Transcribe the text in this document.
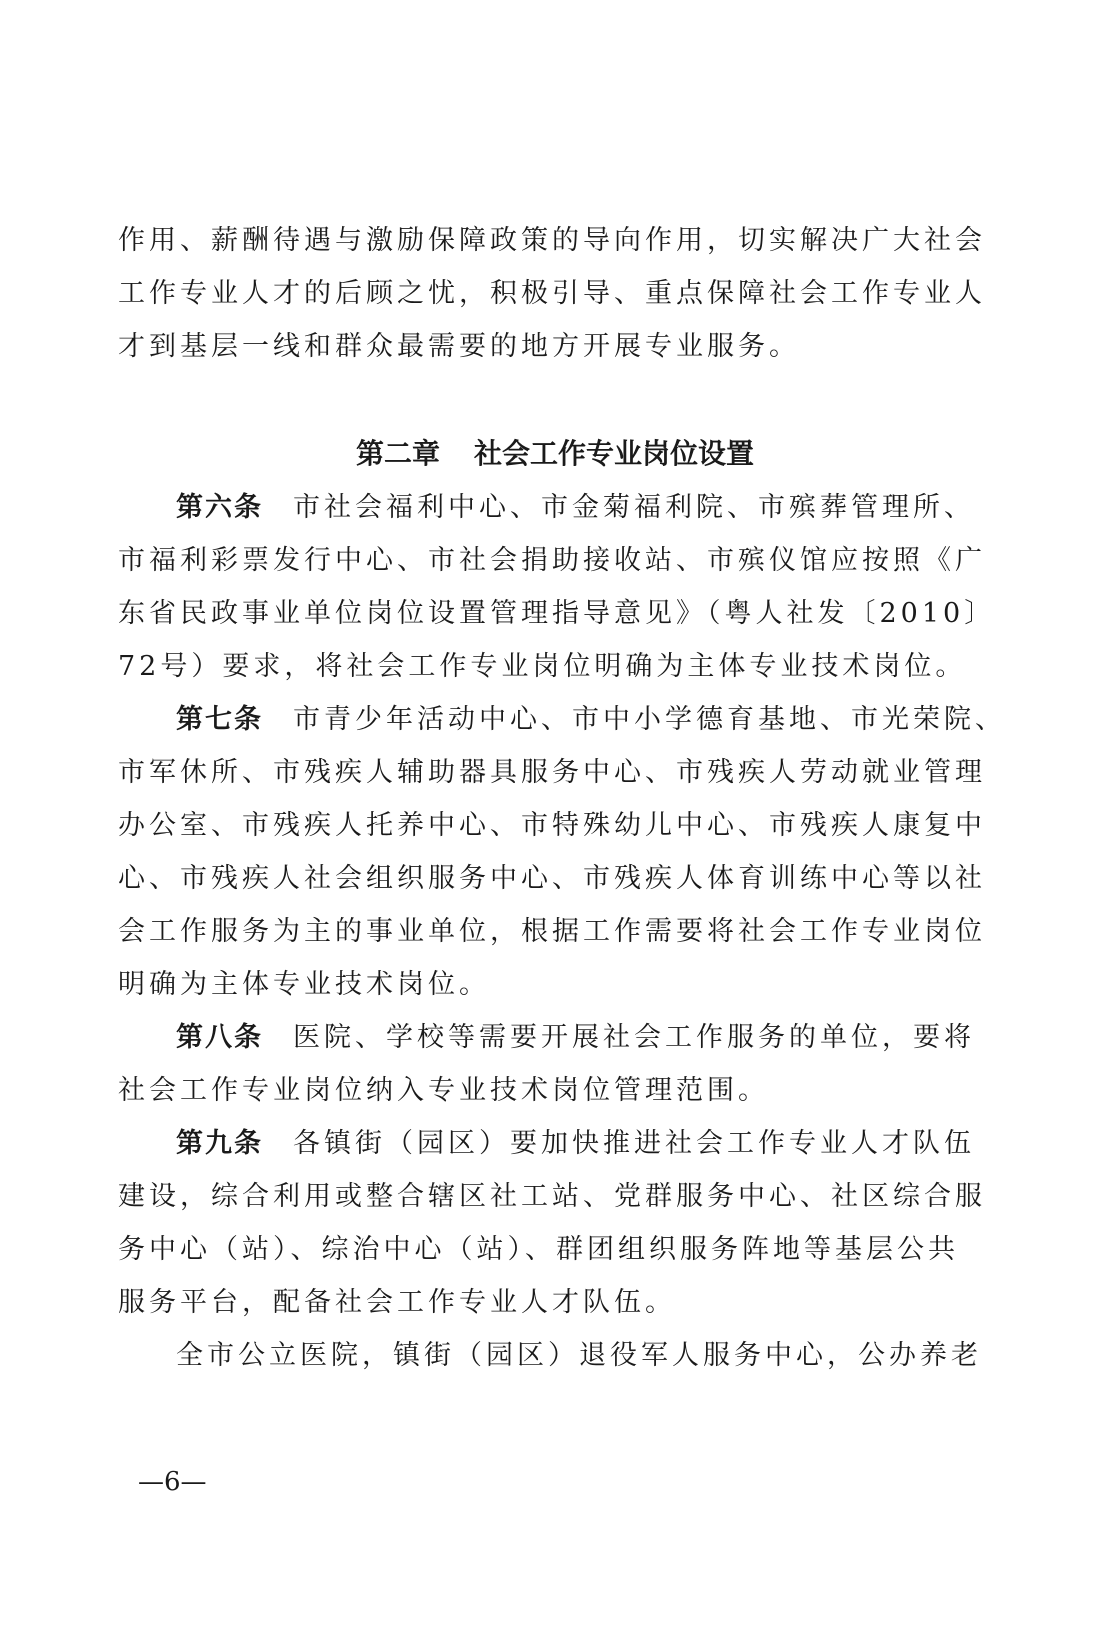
作用、薪酬待遇与激励保障政策的导向作用，切实解决广大社会
工作专业人才的后顾之忧，积极引导、重点保障社会工作专业人
才到基层一线和群众最需要的地方开展专业服务。
第二章 社会工作专业岗位设置
第六条 市社会福利中心、市金菊福利院、市殡葬管理所、
市福利彩票发行中心、市社会捐助接收站、市殡仪馆应按照《广
东省民政事业单位岗位设置管理指导意见》（粤人社发〔2010〕
72号）要求，将社会工作专业岗位明确为主体专业技术岗位。
第七条 市青少年活动中心、市中小学德育基地、市光荣院、
市军休所、市残疾人辅助器具服务中心、市残疾人劳动就业管理
办公室、市残疾人托养中心、市特殊幼儿中心、市残疾人康复中
心、市残疾人社会组织服务中心、市残疾人体育训练中心等以社
会工作服务为主的事业单位，根据工作需要将社会工作专业岗位
明确为主体专业技术岗位。
第八条 医院、学校等需要开展社会工作服务的单位，要将
社会工作专业岗位纳入专业技术岗位管理范围。
第九条 各镇街（园区）要加快推进社会工作专业人才队伍
建设，综合利用或整合辖区社工站、党群服务中心、社区综合服
务中心（站）、综治中心（站）、群团组织服务阵地等基层公共
服务平台，配备社会工作专业人才队伍。
全市公立医院，镇街（园区）退役军人服务中心，公办养老
—6—
